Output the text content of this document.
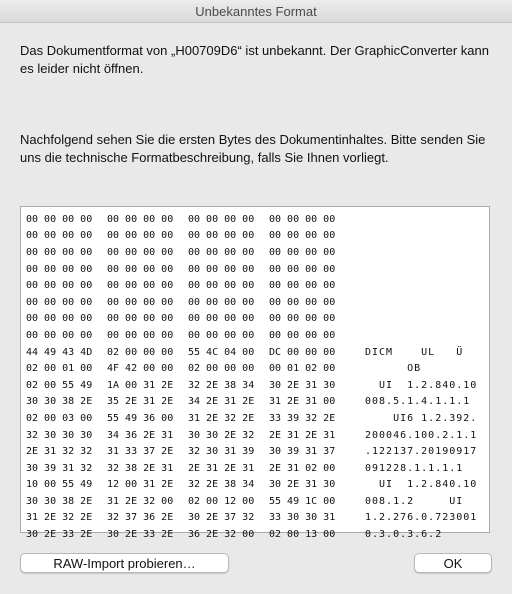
Unbekanntes Format
Das Dokumentformat von „H00709D6“ ist unbekannt. Der GraphicConverter kann es leider nicht öffnen.
Nachfolgend sehen Sie die ersten Bytes des Dokumentinhaltes. Bitte senden Sie uns die technische Formatbeschreibung, falls Sie Ihnen vorliegt.
00 00 00 00	00 00 00 00	00 00 00 00	00 00 00 00
00 00 00 00	00 00 00 00	00 00 00 00	00 00 00 00
00 00 00 00	00 00 00 00	00 00 00 00	00 00 00 00
00 00 00 00	00 00 00 00	00 00 00 00	00 00 00 00
00 00 00 00	00 00 00 00	00 00 00 00	00 00 00 00
00 00 00 00	00 00 00 00	00 00 00 00	00 00 00 00
00 00 00 00	00 00 00 00	00 00 00 00	00 00 00 00
00 00 00 00	00 00 00 00	00 00 00 00	00 00 00 00
44 49 43 4D	02 00 00 00	55 4C 04 00	DC 00 00 00	DICM    UL   Ü
02 00 01 00	4F 42 00 00	02 00 00 00	00 01 02 00	OB
02 00 55 49	1A 00 31 2E	32 2E 38 34	30 2E 31 30	UI  1.2.840.10
30 30 38 2E	35 2E 31 2E	34 2E 31 2E	31 2E 31 00	008.5.1.4.1.1.1
02 00 03 00	55 49 36 00	31 2E 32 2E	33 39 32 2E	UI6 1.2.392.
32 30 30 30	34 36 2E 31	30 30 2E 32	2E 31 2E 31	200046.100.2.1.1
2E 31 32 32	31 33 37 2E	32 30 31 39	30 39 31 37	.122137.20190917
30 39 31 32	32 38 2E 31	2E 31 2E 31	2E 31 02 00	091228.1.1.1.1
10 00 55 49	12 00 31 2E	32 2E 38 34	30 2E 31 30	UI  1.2.840.10
30 30 38 2E	31 2E 32 00	02 00 12 00	55 49 1C 00	008.1.2     UI
31 2E 32 2E	32 37 36 2E	30 2E 37 32	33 30 30 31	1.2.276.0.723001
30 2E 33 2E	30 2E 33 2E	36 2E 32 00	02 00 13 00	0.3.0.3.6.2
RAW-Import probieren…	OK
